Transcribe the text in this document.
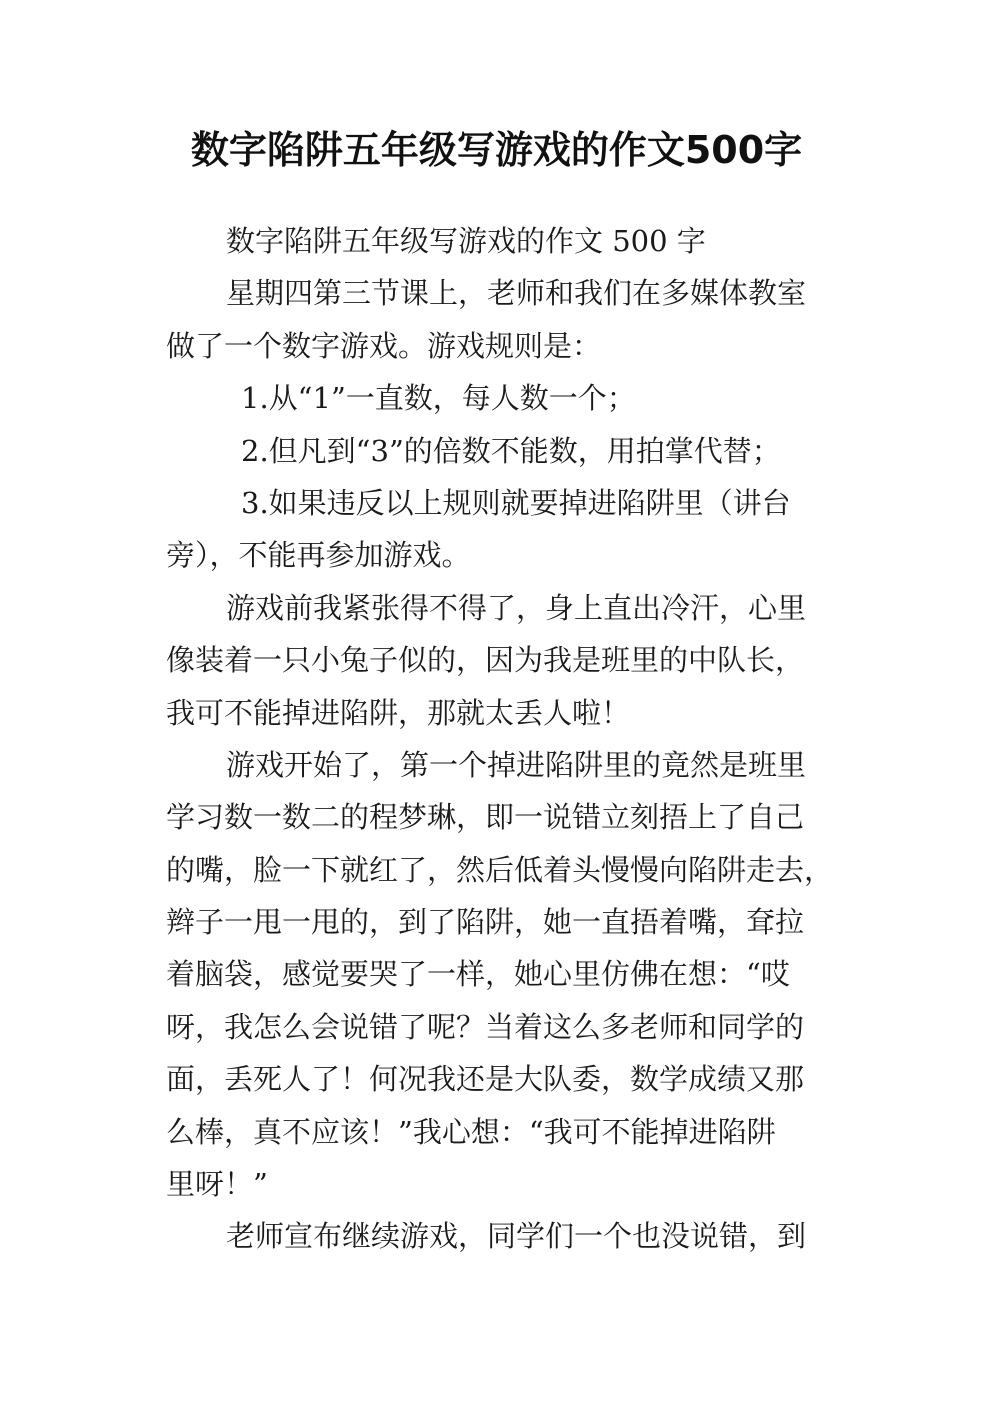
数字陷阱五年级写游戏的作文500字
数字陷阱五年级写游戏的作文 500 字
星期四第三节课上，老师和我们在多媒体教室
做了一个数字游戏。游戏规则是：
1.从“1”一直数，每人数一个；
2.但凡到“3”的倍数不能数，用拍掌代替；
3.如果违反以上规则就要掉进陷阱里（讲台
旁），不能再参加游戏。
游戏前我紧张得不得了，身上直出冷汗，心里
像装着一只小兔子似的，因为我是班里的中队长，
我可不能掉进陷阱，那就太丢人啦！
游戏开始了，第一个掉进陷阱里的竟然是班里
学习数一数二的程梦琳，即一说错立刻捂上了自己
的嘴，脸一下就红了，然后低着头慢慢向陷阱走去，
辫子一甩一甩的，到了陷阱，她一直捂着嘴，耷拉
着脑袋，感觉要哭了一样，她心里仿佛在想：“哎
呀，我怎么会说错了呢？当着这么多老师和同学的
面，丢死人了！何况我还是大队委，数学成绩又那
么棒，真不应该！”我心想：“我可不能掉进陷阱
里呀！”
老师宣布继续游戏，同学们一个也没说错，到
